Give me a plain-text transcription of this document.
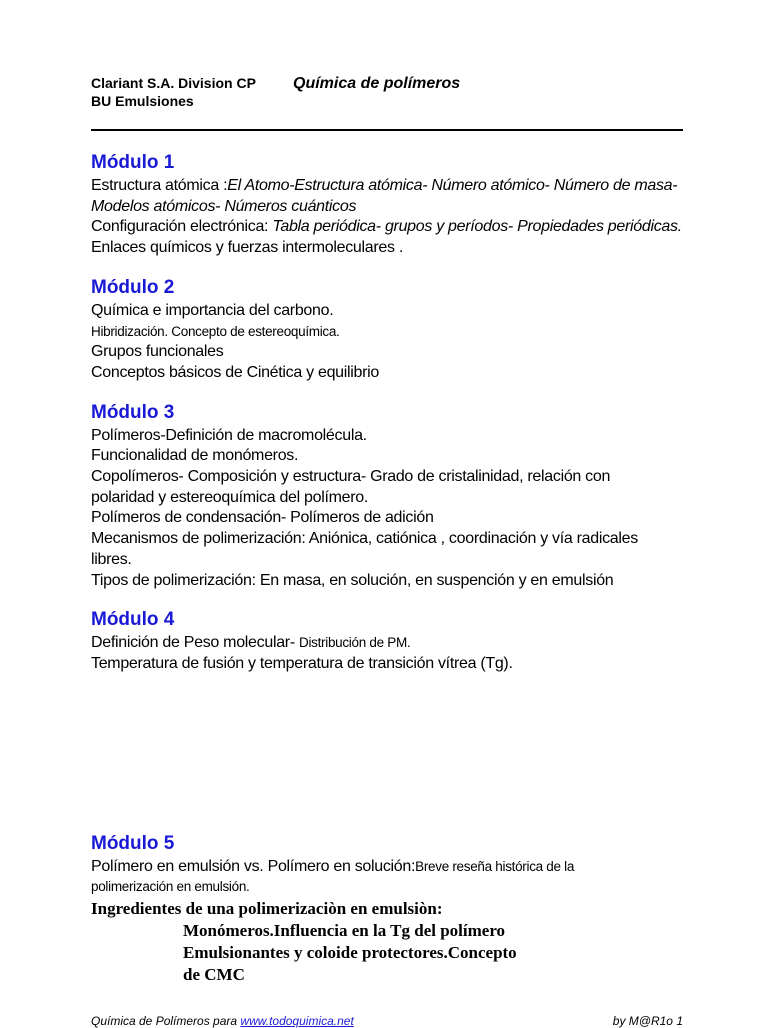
Clariant S.A. Division CP
BU Emulsiones
Química de polímeros
Módulo 1
Estructura atómica :El Atomo-Estructura atómica- Número atómico- Número de masa-
Modelos atómicos- Números cuánticos
Configuración electrónica: Tabla periódica- grupos y períodos- Propiedades periódicas.
Enlaces químicos y fuerzas intermoleculares .
Módulo 2
Química e importancia del carbono.
Hibridización. Concepto de estereoquímica.
Grupos funcionales
Conceptos básicos de Cinética y equilibrio
Módulo 3
Polímeros-Definición de macromolécula.
Funcionalidad de monómeros.
Copolímeros- Composición y estructura- Grado de cristalinidad, relación con
polaridad y estereoquímica del polímero.
Polímeros de condensación- Polímeros de adición
Mecanismos de polimerización: Aniónica, catiónica , coordinación y vía radicales
libres.
Tipos de polimerización: En masa, en solución, en suspención y en emulsión
Módulo 4
Definición de Peso molecular- Distribución de PM.
Temperatura de fusión y temperatura de transición vítrea (Tg).
Módulo 5
Polímero en emulsión vs. Polímero en solución:Breve reseña histórica de la
polimerización en emulsión.
Ingredientes de una polimerizaciòn en emulsiòn:
Monómeros.Influencia en la Tg del polímero
Emulsionantes y coloide protectores.Concepto
de CMC
Química de Polímeros para www.todoquimica.net	by M@R1o 1
